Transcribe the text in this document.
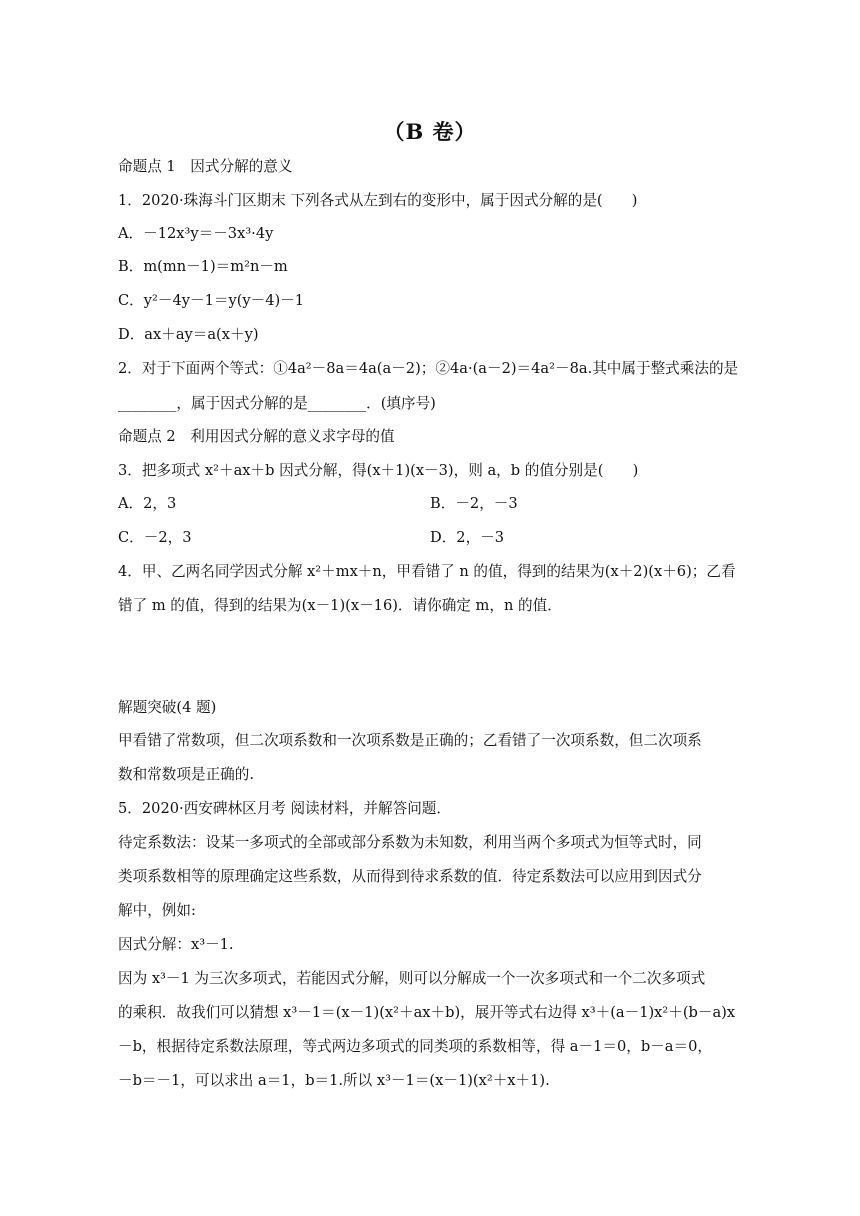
（B 卷）
命题点 1　因式分解的意义
1．2020·珠海斗门区期末 下列各式从左到右的变形中，属于因式分解的是(　　)
A．－12x³y＝－3x³·4y
B．m(mn－1)＝m²n－m
C．y²－4y－1＝y(y－4)－1
D．ax＋ay＝a(x＋y)
2．对于下面两个等式：①4a²－8a＝4a(a－2)；②4a·(a－2)＝4a²－8a.其中属于整式乘法的是
________，属于因式分解的是________．(填序号)
命题点 2　利用因式分解的意义求字母的值
3．把多项式 x²＋ax＋b 因式分解，得(x＋1)(x－3)，则 a，b 的值分别是(　　)
A．2，3	B．－2，－3
C．－2，3	D．2，－3
4．甲、乙两名同学因式分解 x²＋mx＋n，甲看错了 n 的值，得到的结果为(x＋2)(x＋6)；乙看
错了 m 的值，得到的结果为(x－1)(x－16)．请你确定 m，n 的值．
解题突破(4 题)
甲看错了常数项，但二次项系数和一次项系数是正确的；乙看错了一次项系数，但二次项系
数和常数项是正确的.
5．2020·西安碑林区月考 阅读材料，并解答问题．
待定系数法：设某一多项式的全部或部分系数为未知数，利用当两个多项式为恒等式时，同
类项系数相等的原理确定这些系数，从而得到待求系数的值．待定系数法可以应用到因式分
解中，例如:
因式分解：x³－1.
因为 x³－1 为三次多项式，若能因式分解，则可以分解成一个一次多项式和一个二次多项式
的乘积．故我们可以猜想 x³－1＝(x－1)(x²＋ax＋b)，展开等式右边得 x³＋(a－1)x²＋(b－a)x
－b，根据待定系数法原理，等式两边多项式的同类项的系数相等，得 a－1＝0，b－a＝0，
－b＝－1，可以求出 a＝1，b＝1.所以 x³－1＝(x－1)(x²＋x＋1).
